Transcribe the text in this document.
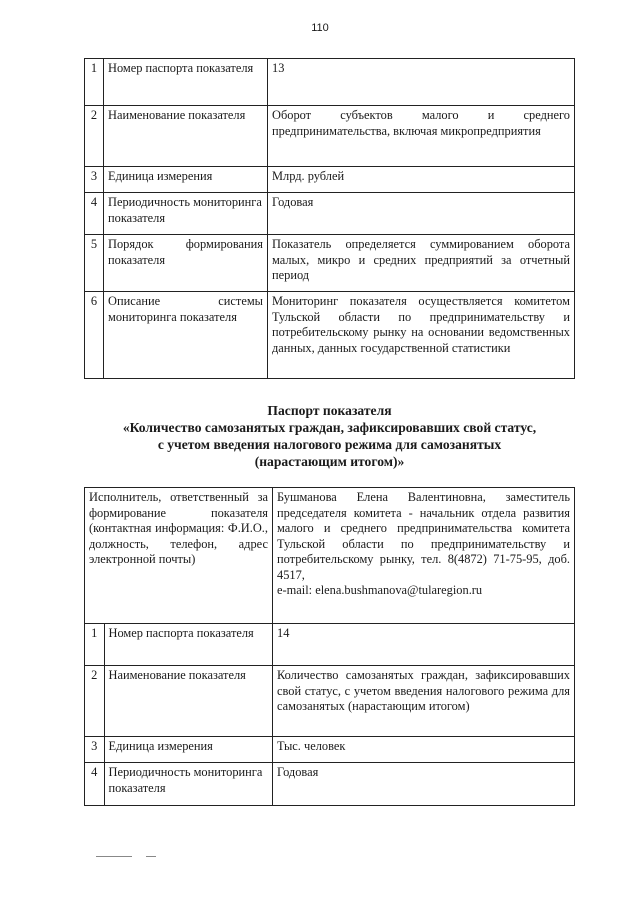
110
1	Номер паспорта показателя	13
2	Наименование показателя	Оборот субъектов малого и среднего предпринимательства, включая микропредприятия
3	Единица измерения	Млрд. рублей
4	Периодичность мониторинга показателя	Годовая
5	Порядок формирования показателя	Показатель определяется суммированием оборота малых, микро и средних предприятий за отчетный период
6	Описание системы мониторинга показателя	Мониторинг показателя осуществляется комитетом Тульской области по предпринимательству и потребительскому рынку на основании ведомственных данных, данных государственной статистики
Паспорт показателя
«Количество самозанятых граждан, зафиксировавших свой статус,
с учетом введения налогового режима для самозанятых
(нарастающим итогом)»
Исполнитель, ответственный за формирование показателя (контактная информация: Ф.И.О., должность, телефон, адрес электронной почты)		Бушманова Елена Валентиновна, заместитель председателя комитета - начальник отдела развития малого и среднего предпринимательства комитета Тульской области по предпринимательству и потребительскому рынку, тел. 8(4872) 71-75-95, доб. 4517,
e-mail: elena.bushmanova@tularegion.ru

1	Номер паспорта показателя	14
2	Наименование показателя	Количество самозанятых граждан, зафиксировавших свой статус, с учетом введения налогового режима для самозанятых (нарастающим итогом)
3	Единица измерения	Тыс. человек
4	Периодичность мониторинга показателя	Годовая
